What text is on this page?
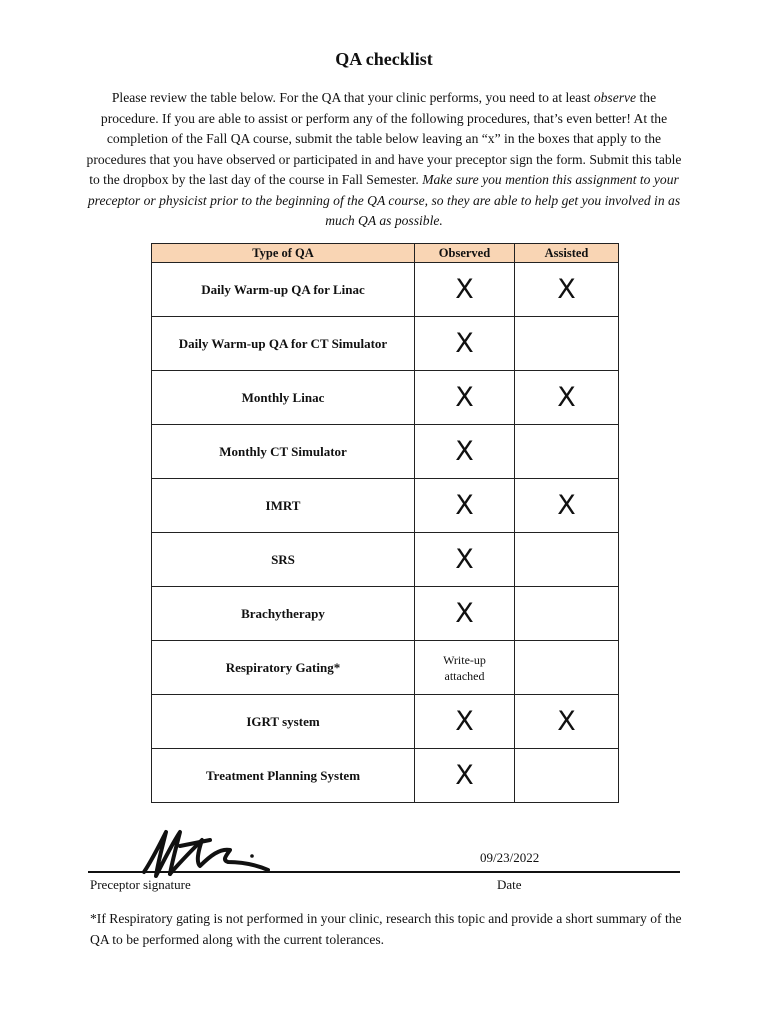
QA checklist
Please review the table below. For the QA that your clinic performs, you need to at least observe the procedure. If you are able to assist or perform any of the following procedures, that’s even better! At the completion of the Fall QA course, submit the table below leaving an “x” in the boxes that apply to the procedures that you have observed or participated in and have your preceptor sign the form. Submit this table to the dropbox by the last day of the course in Fall Semester. Make sure you mention this assignment to your preceptor or physicist prior to the beginning of the QA course, so they are able to help get you involved in as much QA as possible.
Type of QA	Observed	Assisted
Daily Warm-up QA for Linac	X	X
Daily Warm-up QA for CT Simulator	X	
Monthly Linac	X	X
Monthly CT Simulator	X	
IMRT	X	X
SRS	X	
Brachytherapy	X	
Respiratory Gating*	Write-up
attached	
IGRT system	X	X
Treatment Planning System	X	
09/23/2022
Preceptor signature	Date
*If Respiratory gating is not performed in your clinic, research this topic and provide a short summary of the QA to be performed along with the current tolerances.
